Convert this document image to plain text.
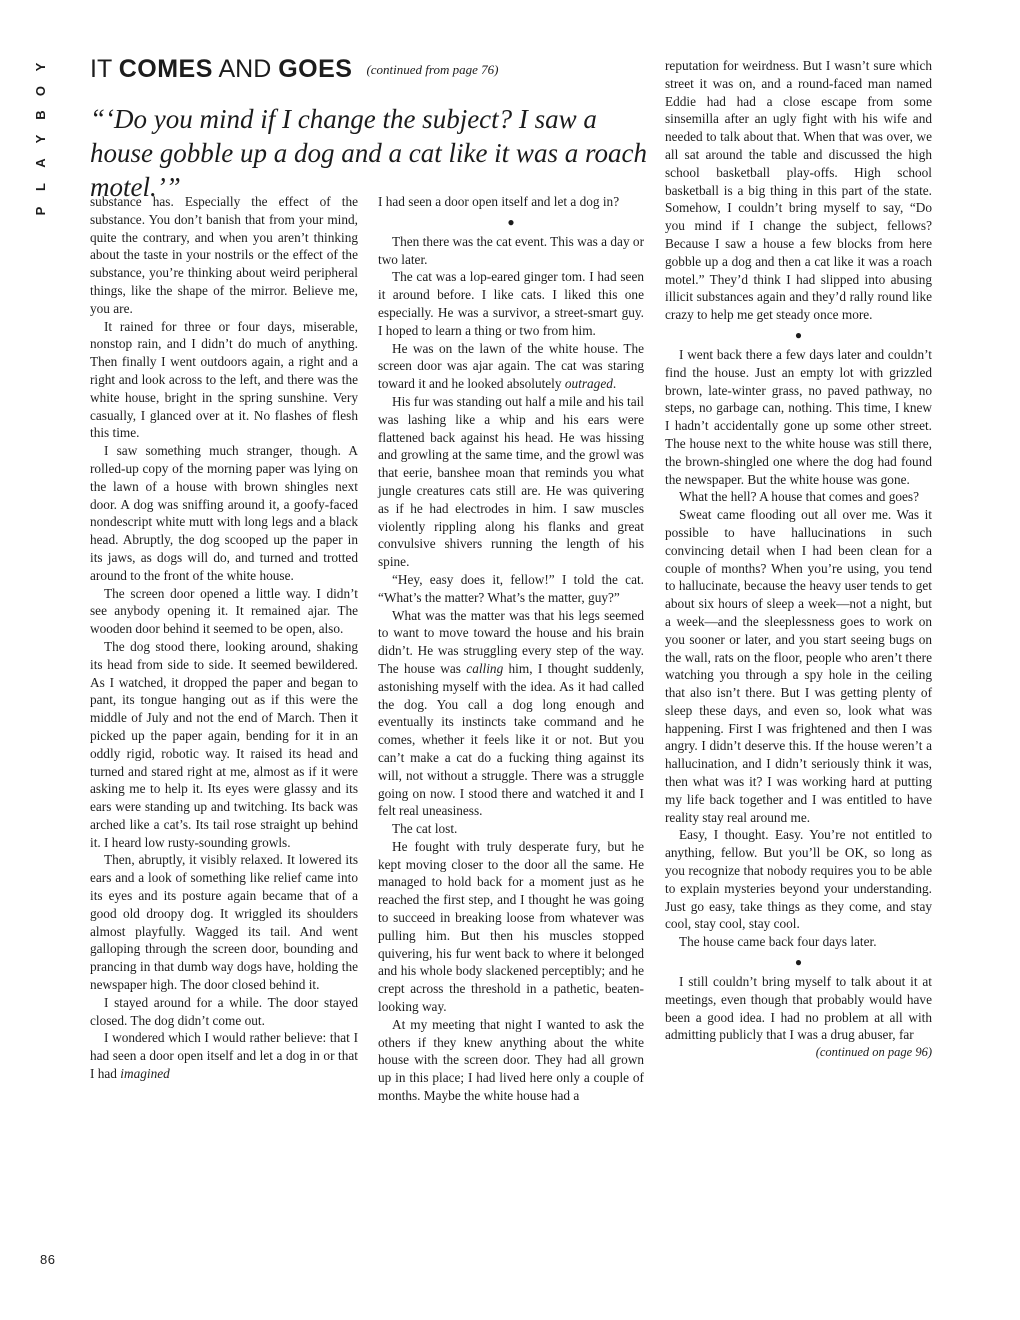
Y
O
B
Y
A
L
P
86
IT COMES AND GOES (continued from page 76)
“‘Do you mind if I change the subject? I saw a house gobble up a dog and a cat like it was a roach motel.’”

substance has. Especially the effect of the substance. You don’t banish that from your mind, quite the contrary, and when you aren’t thinking about the taste in your nostrils or the effect of the substance, you’re thinking about weird peripheral things, like the shape of the mirror. Believe me, you are.

It rained for three or four days, miserable, nonstop rain, and I didn’t do much of anything. Then finally I went outdoors again, a right and a right and look across to the left, and there was the white house, bright in the spring sunshine. Very casually, I glanced over at it. No flashes of flesh this time.

I saw something much stranger, though. A rolled-up copy of the morning paper was lying on the lawn of a house with brown shingles next door. A dog was sniffing around it, a goofy-faced nondescript white mutt with long legs and a black head. Abruptly, the dog scooped up the paper in its jaws, as dogs will do, and turned and trotted around to the front of the white house.

The screen door opened a little way. I didn’t see anybody opening it. It remained ajar. The wooden door behind it seemed to be open, also.

The dog stood there, looking around, shaking its head from side to side. It seemed bewildered. As I watched, it dropped the paper and began to pant, its tongue hanging out as if this were the middle of July and not the end of March. Then it picked up the paper again, bending for it in an oddly rigid, robotic way. It raised its head and turned and stared right at me, almost as if it were asking me to help it. Its eyes were glassy and its ears were standing up and twitching. Its back was arched like a cat’s. Its tail rose straight up behind it. I heard low rusty-sounding growls.

Then, abruptly, it visibly relaxed. It lowered its ears and a look of something like relief came into its eyes and its posture again became that of a good old droopy dog. It wriggled its shoulders almost playfully. Wagged its tail. And went galloping through the screen door, bounding and prancing in that dumb way dogs have, holding the newspaper high. The door closed behind it.

I stayed around for a while. The door stayed closed. The dog didn’t come out.

I wondered which I would rather believe: that I had seen a door open itself and let a dog in or that I had imagined

I had seen a door open itself and let a dog in?

●

Then there was the cat event. This was a day or two later.

The cat was a lop-eared ginger tom. I had seen it around before. I like cats. I liked this one especially. He was a survivor, a street-smart guy. I hoped to learn a thing or two from him.

He was on the lawn of the white house. The screen door was ajar again. The cat was staring toward it and he looked absolutely outraged.

His fur was standing out half a mile and his tail was lashing like a whip and his ears were flattened back against his head. He was hissing and growling at the same time, and the growl was that eerie, banshee moan that reminds you what jungle creatures cats still are. He was quivering as if he had electrodes in him. I saw muscles violently rippling along his flanks and great convulsive shivers running the length of his spine.

“Hey, easy does it, fellow!” I told the cat. “What’s the matter? What’s the matter, guy?”

What was the matter was that his legs seemed to want to move toward the house and his brain didn’t. He was struggling every step of the way. The house was calling him, I thought suddenly, astonishing myself with the idea. As it had called the dog. You call a dog long enough and eventually its instincts take command and he comes, whether it feels like it or not. But you can’t make a cat do a fucking thing against its will, not without a struggle. There was a struggle going on now. I stood there and watched it and I felt real uneasiness.

The cat lost.

He fought with truly desperate fury, but he kept moving closer to the door all the same. He managed to hold back for a moment just as he reached the first step, and I thought he was going to succeed in breaking loose from whatever was pulling him. But then his muscles stopped quivering, his fur went back to where it belonged and his whole body slackened perceptibly; and he crept across the threshold in a pathetic, beaten-looking way.

At my meeting that night I wanted to ask the others if they knew anything about the white house with the screen door. They had all grown up in this place; I had lived here only a couple of months. Maybe the white house had a

reputation for weirdness. But I wasn’t sure which street it was on, and a round-faced man named Eddie had had a close escape from some sinsemilla after an ugly fight with his wife and needed to talk about that. When that was over, we all sat around the table and discussed the high school basketball play-offs. High school basketball is a big thing in this part of the state. Somehow, I couldn’t bring myself to say, “Do you mind if I change the subject, fellows? Because I saw a house a few blocks from here gobble up a dog and then a cat like it was a roach motel.” They’d think I had slipped into abusing illicit substances again and they’d rally round like crazy to help me get steady once more.

●

I went back there a few days later and couldn’t find the house. Just an empty lot with grizzled brown, late-winter grass, no paved pathway, no steps, no garbage can, nothing. This time, I knew I hadn’t accidentally gone up some other street. The house next to the white house was still there, the brown-shingled one where the dog had found the newspaper. But the white house was gone.

What the hell? A house that comes and goes?

Sweat came flooding out all over me. Was it possible to have hallucinations in such convincing detail when I had been clean for a couple of months? When you’re using, you tend to hallucinate, because the heavy user tends to get about six hours of sleep a week—not a night, but a week—and the sleeplessness goes to work on you sooner or later, and you start seeing bugs on the wall, rats on the floor, people who aren’t there watching you through a spy hole in the ceiling that also isn’t there. But I was getting plenty of sleep these days, and even so, look what was happening. First I was frightened and then I was angry. I didn’t deserve this. If the house weren’t a hallucination, and I didn’t seriously think it was, then what was it? I was working hard at putting my life back together and I was entitled to have reality stay real around me.

Easy, I thought. Easy. You’re not entitled to anything, fellow. But you’ll be OK, so long as you recognize that nobody requires you to be able to explain mysteries beyond your understanding. Just go easy, take things as they come, and stay cool, stay cool, stay cool.

The house came back four days later.

●

I still couldn’t bring myself to talk about it at meetings, even though that probably would have been a good idea. I had no problem at all with admitting publicly that I was a drug abuser, far

(continued on page 96)
